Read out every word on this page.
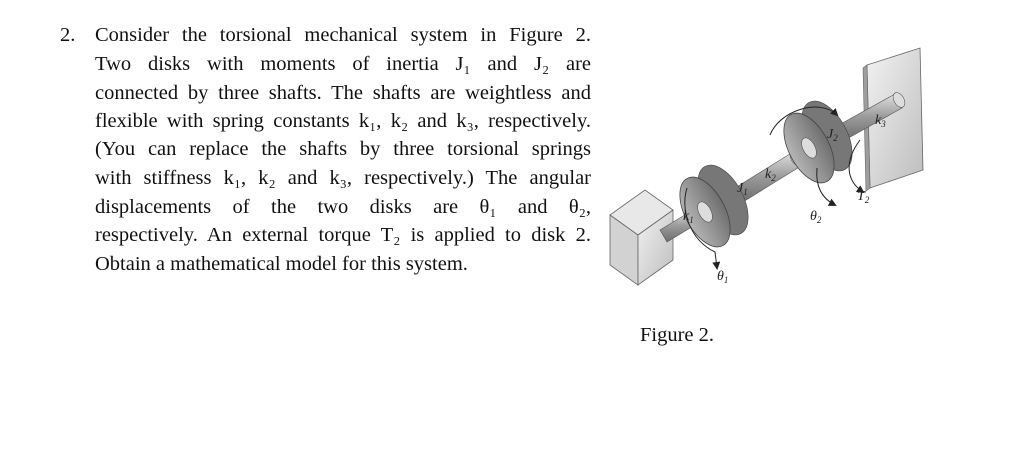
2. Consider the torsional mechanical system in Figure 2.
Two disks with moments of inertia J₁ and J₂ are
connected by three shafts. The shafts are weightless and
flexible with spring constants k₁, k₂ and k₃, respectively.
(You can replace the shafts by three torsional springs
with stiffness k₁, k₂ and k₃, respectively.) The angular
displacements of the two disks are θ₁ and θ₂,
respectively. An external torque T₂ is applied to disk 2.
Obtain a mathematical model for this system.
$k_1$
$J_1$
$k_2$
$J_2$
$k_3$
$\theta_1$
$\theta_2$
$T_2$
Figure 2.
